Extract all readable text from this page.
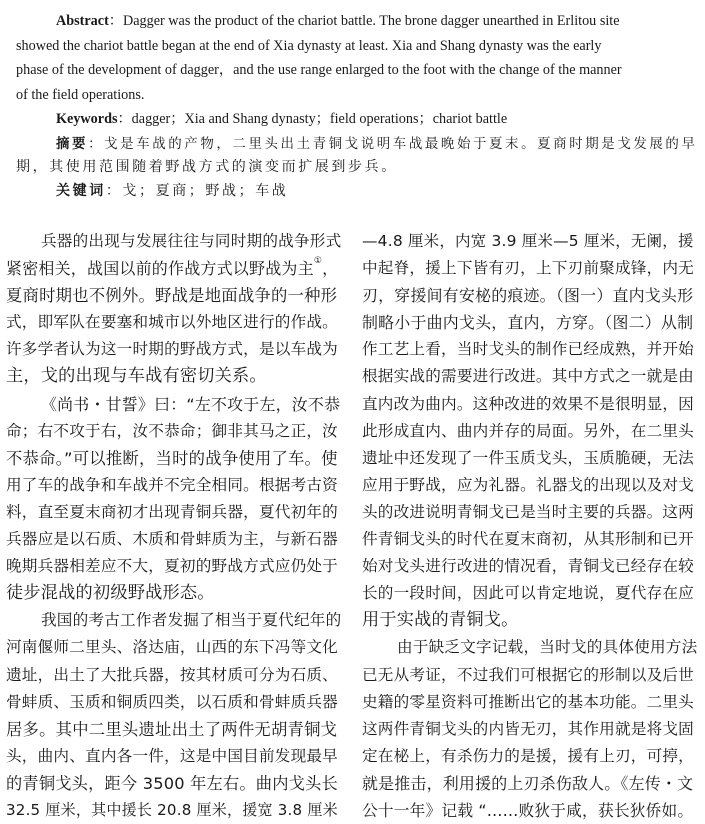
Abstract：Dagger was the product of the chariot battle. The brone dagger unearthed in Erlitou site
showed the chariot battle began at the end of Xia dynasty at least. Xia and Shang dynasty was the early
phase of the development of dagger，and the use range enlarged to the foot with the change of the manner
of the field operations.
Keywords：dagger；Xia and Shang dynasty；field operations；chariot battle
摘要：戈是车战的产物，二里头出土青铜戈说明车战最晚始于夏末。夏商时期是戈发展的早
期，其使用范围随着野战方式的演变而扩展到步兵。
关键词：戈；夏商；野战；车战
兵器的出现与发展往往与同时期的战争形式
紧密相关，战国以前的作战方式以野战为主①，
夏商时期也不例外。野战是地面战争的一种形
式，即军队在要塞和城市以外地区进行的作战。
许多学者认为这一时期的野战方式，是以车战为
主，戈的出现与车战有密切关系。
《尚书・甘誓》曰：“左不攻于左，汝不恭
命；右不攻于右，汝不恭命；御非其马之正，汝
不恭命。”可以推断，当时的战争使用了车。使
用了车的战争和车战并不完全相同。根据考古资
料，直至夏末商初才出现青铜兵器，夏代初年的
兵器应是以石质、木质和骨蚌质为主，与新石器
晚期兵器相差应不大，夏初的野战方式应仍处于
徒步混战的初级野战形态。
我国的考古工作者发掘了相当于夏代纪年的
河南偃师二里头、洛达庙，山西的东下冯等文化
遗址，出土了大批兵器，按其材质可分为石质、
骨蚌质、玉质和铜质四类，以石质和骨蚌质兵器
居多。其中二里头遗址出土了两件无胡青铜戈
头，曲内、直内各一件，这是中国目前发现最早
的青铜戈头，距今 3500 年左右。曲内戈头长
32.5 厘米，其中援长 20.8 厘米，援宽 3.8 厘米
—4.8 厘米，内宽 3.9 厘米—5 厘米，无阑，援
中起脊，援上下皆有刃，上下刃前聚成锋，内无
刃，穿援间有安柲的痕迹。（图一）直内戈头形
制略小于曲内戈头，直内，方穿。（图二）从制
作工艺上看，当时戈头的制作已经成熟，并开始
根据实战的需要进行改进。其中方式之一就是由
直内改为曲内。这种改进的效果不是很明显，因
此形成直内、曲内并存的局面。另外，在二里头
遗址中还发现了一件玉质戈头，玉质脆硬，无法
应用于野战，应为礼器。礼器戈的出现以及对戈
头的改进说明青铜戈已是当时主要的兵器。这两
件青铜戈头的时代在夏末商初，从其形制和已开
始对戈头进行改进的情况看，青铜戈已经存在较
长的一段时间，因此可以肯定地说，夏代存在应
用于实战的青铜戈。
由于缺乏文字记载，当时戈的具体使用方法
已无从考证，不过我们可根据它的形制以及后世
史籍的零星资料可推断出它的基本功能。二里头
这两件青铜戈头的内皆无刃，其作用就是将戈固
定在柲上，有杀伤力的是援，援有上刃，可揨，
就是推击，利用援的上刃杀伤敌人。《左传・文
公十一年》记载 “……败狄于咸，获长狄侨如。
